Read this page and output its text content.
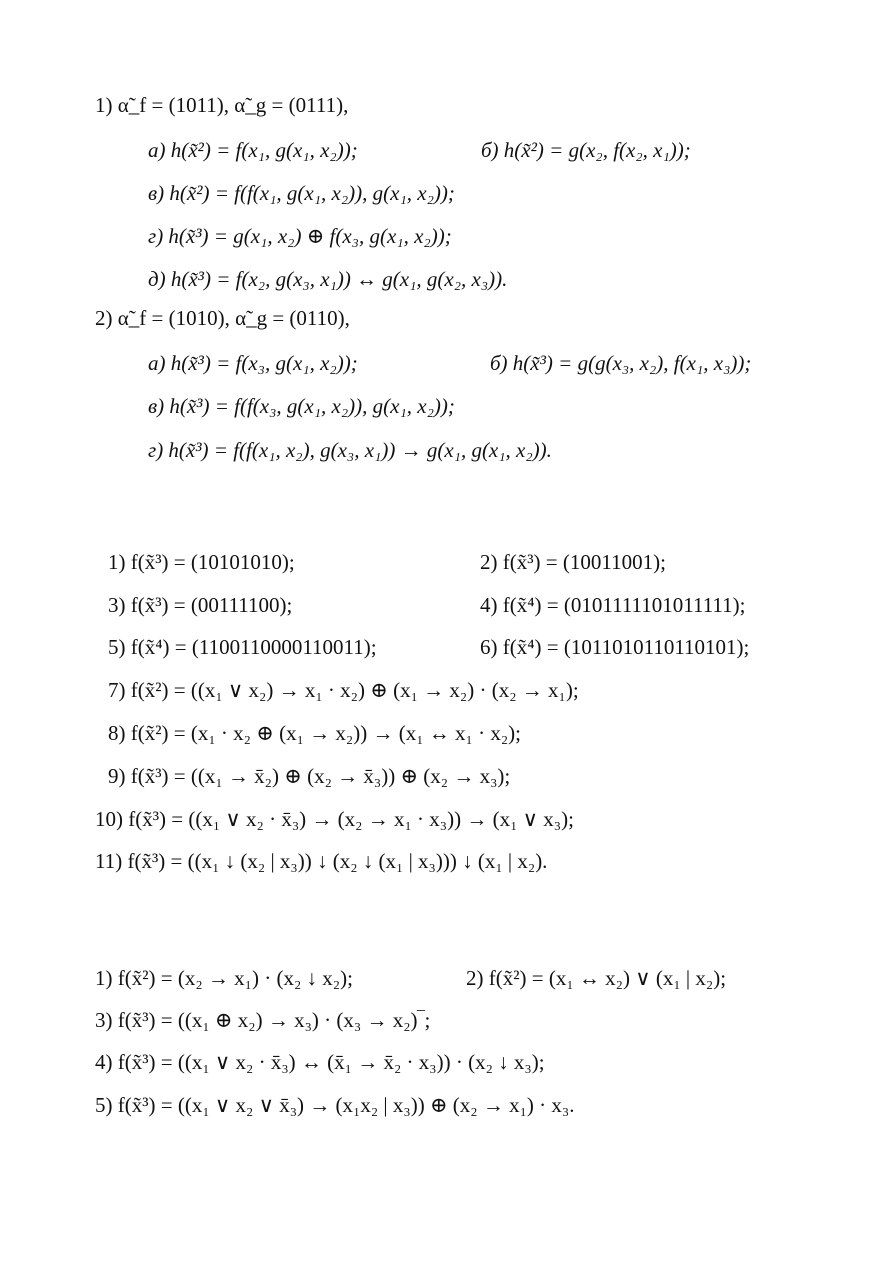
1) α̃_f = (1011), α̃_g = (0111),
а) h(x̃²) = f(x₁, g(x₁, x₂));	б) h(x̃²) = g(x₂, f(x₂, x₁));
в) h(x̃²) = f(f(x₁, g(x₁, x₂)), g(x₁, x₂));
г) h(x̃³) = g(x₁, x₂) ⊕ f(x₃, g(x₁, x₂));
д) h(x̃³) = f(x₂, g(x₃, x₁)) ↔ g(x₁, g(x₂, x₃)).
2) α̃_f = (1010), α̃_g = (0110),
а) h(x̃³) = f(x₃, g(x₁, x₂));	б) h(x̃³) = g(g(x₃, x₂), f(x₁, x₃));
в) h(x̃³) = f(f(x₃, g(x₁, x₂)), g(x₁, x₂));
г) h(x̃³) = f(f(x₁, x₂), g(x₃, x₁)) → g(x₁, g(x₁, x₂)).
1) f(x̃³) = (10101010);	2) f(x̃³) = (10011001);
3) f(x̃³) = (00111100);	4) f(x̃⁴) = (0101111101011111);
5) f(x̃⁴) = (1100110000110011);	6) f(x̃⁴) = (1011010110110101);
7) f(x̃²) = ((x₁ ∨ x₂) → x₁ · x₂) ⊕ (x₁ → x₂) · (x₂ → x₁);
8) f(x̃²) = (x₁ · x₂ ⊕ (x₁ → x₂)) → (x₁ ↔ x₁ · x₂);
9) f(x̃³) = ((x₁ → x̄₂) ⊕ (x₂ → x̄₃)) ⊕ (x₂ → x₃);
10) f(x̃³) = ((x₁ ∨ x₂ · x̄₃) → (x₂ → x₁ · x₃)) → (x₁ ∨ x₃);
11) f(x̃³) = ((x₁ ↓ (x₂ | x₃)) ↓ (x₂ ↓ (x₁ | x₃))) ↓ (x₁ | x₂).
1) f(x̃²) = (x₂ → x₁) · (x₂ ↓ x₂);	2) f(x̃²) = (x₁ ↔ x₂) ∨ (x₁ | x₂);
3) f(x̃³) = ((x₁ ⊕ x₂) → x₃) · (x₃ → x₂)‾;
4) f(x̃³) = ((x₁ ∨ x₂ · x̄₃) ↔ (x̄₁ → x̄₂ · x₃)) · (x₂ ↓ x₃);
5) f(x̃³) = ((x₁ ∨ x₂ ∨ x̄₃) → (x₁x₂ | x₃)) ⊕ (x₂ → x₁) · x₃.
